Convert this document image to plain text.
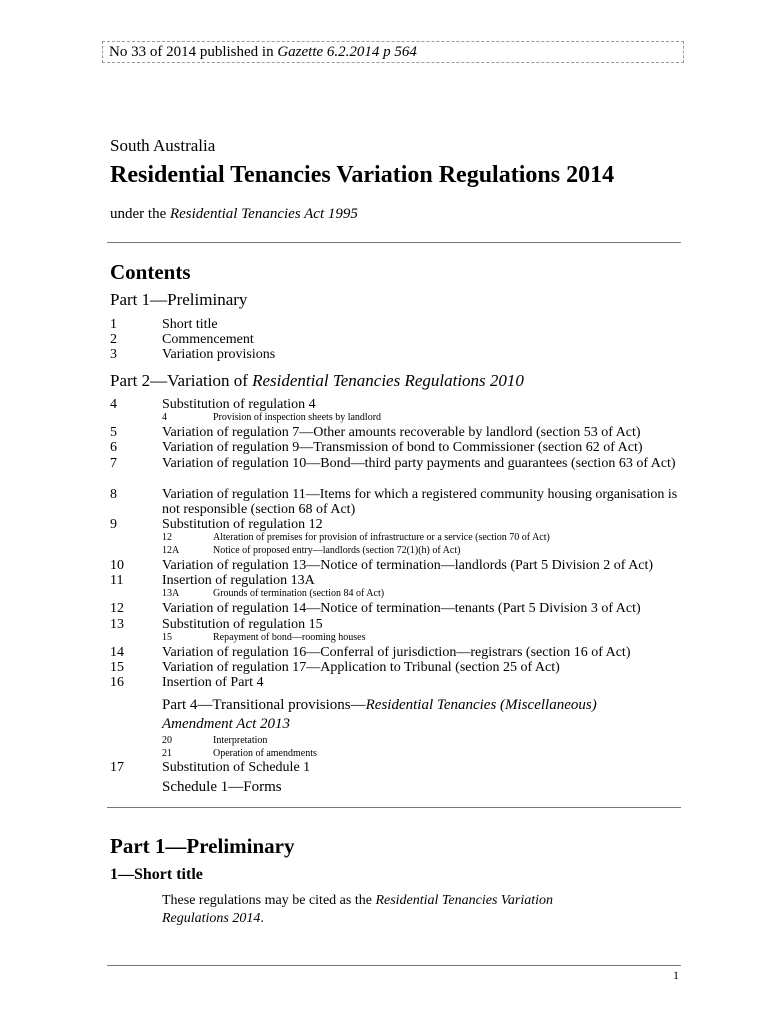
No 33 of 2014 published in Gazette 6.2.2014 p 564
South Australia
Residential Tenancies Variation Regulations 2014
under the Residential Tenancies Act 1995
Contents
Part 1—Preliminary
1	Short title
2	Commencement
3	Variation provisions
Part 2—Variation of Residential Tenancies Regulations 2010
4	Substitution of regulation 4
4	Provision of inspection sheets by landlord
5	Variation of regulation 7—Other amounts recoverable by landlord (section 53 of Act)
6	Variation of regulation 9—Transmission of bond to Commissioner (section 62 of Act)
7	Variation of regulation 10—Bond—third party payments and guarantees (section 63 of Act)
8	Variation of regulation 11—Items for which a registered community housing organisation is not responsible (section 68 of Act)
9	Substitution of regulation 12
12	Alteration of premises for provision of infrastructure or a service (section 70 of Act)
12A	Notice of proposed entry—landlords (section 72(1)(h) of Act)
10	Variation of regulation 13—Notice of termination—landlords (Part 5 Division 2 of Act)
11	Insertion of regulation 13A
13A	Grounds of termination (section 84 of Act)
12	Variation of regulation 14—Notice of termination—tenants (Part 5 Division 3 of Act)
13	Substitution of regulation 15
15	Repayment of bond—rooming houses
14	Variation of regulation 16—Conferral of jurisdiction—registrars (section 16 of Act)
15	Variation of regulation 17—Application to Tribunal (section 25 of Act)
16	Insertion of Part 4
Part 4—Transitional provisions—Residential Tenancies (Miscellaneous) Amendment Act 2013
20	Interpretation
21	Operation of amendments
17	Substitution of Schedule 1
Schedule 1—Forms
Part 1—Preliminary
1—Short title
These regulations may be cited as the Residential Tenancies Variation Regulations 2014.
1
